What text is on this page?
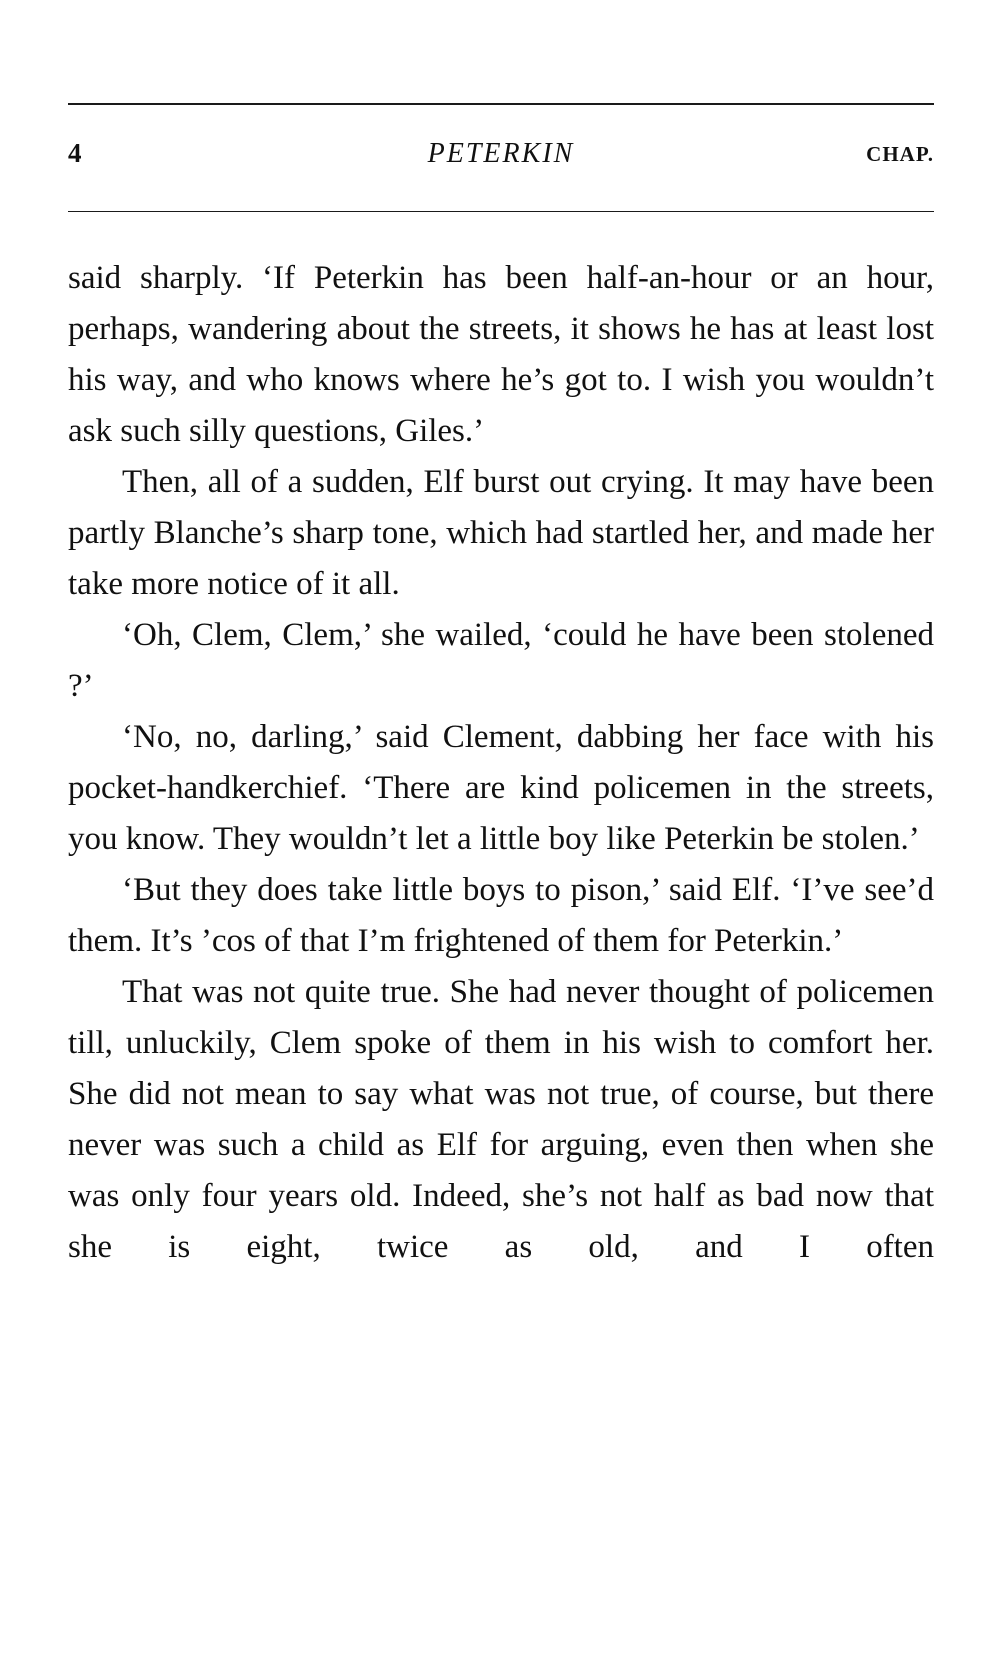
4	PETERKIN	CHAP.

said sharply. ‘If Peterkin has been half-an-hour or an hour, perhaps, wandering about the streets, it shows he has at least lost his way, and who knows where he’s got to. I wish you wouldn’t ask such silly questions, Giles.’

Then, all of a sudden, Elf burst out crying. It may have been partly Blanche’s sharp tone, which had startled her, and made her take more notice of it all.

‘Oh, Clem, Clem,’ she wailed, ‘could he have been stolened ?’

‘No, no, darling,’ said Clement, dabbing her face with his pocket-handkerchief. ‘There are kind policemen in the streets, you know. They wouldn’t let a little boy like Peterkin be stolen.’

‘But they does take little boys to pison,’ said Elf. ‘I’ve see’d them. It’s ’cos of that I’m frightened of them for Peterkin.’

That was not quite true. She had never thought of policemen till, unluckily, Clem spoke of them in his wish to comfort her. She did not mean to say what was not true, of course, but there never was such a child as Elf for arguing, even then when she was only four years old. Indeed, she’s not half as bad now that she is eight, twice as old, and I often
